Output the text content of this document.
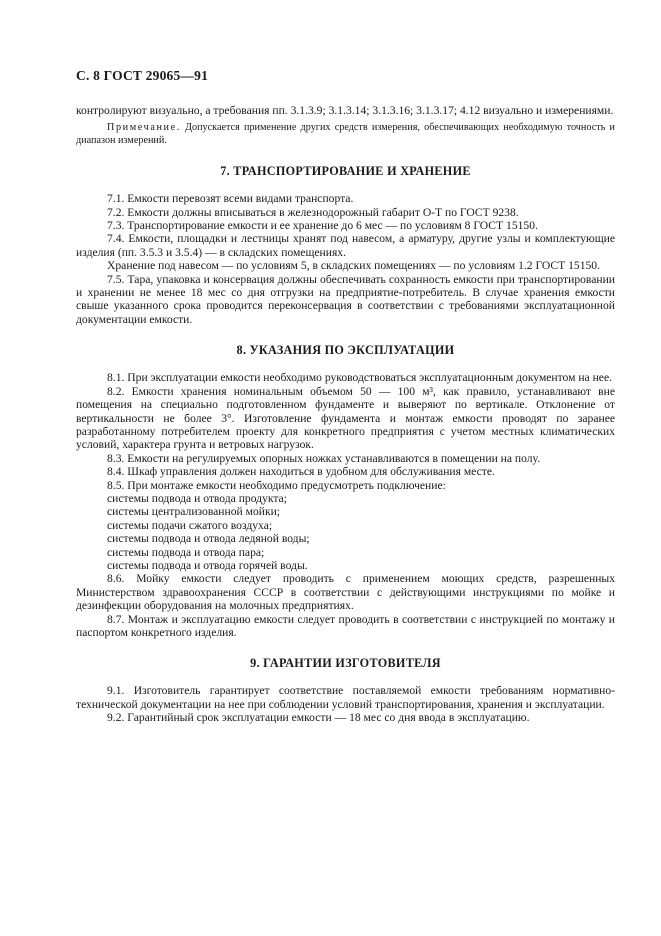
С. 8 ГОСТ 29065—91

контролируют визуально, а требования пп. 3.1.3.9; 3.1.3.14; 3.1.3.16; 3.1.3.17; 4.12 визуально и измерениями.

Примечание. Допускается применение других средств измерения, обеспечивающих необходимую точность и диапазон измерений.

7. ТРАНСПОРТИРОВАНИЕ И ХРАНЕНИЕ

7.1. Емкости перевозят всеми видами транспорта.

7.2. Емкости должны вписываться в железнодорожный габарит О-Т по ГОСТ 9238.

7.3. Транспортирование емкости и ее хранение до 6 мес — по условиям 8 ГОСТ 15150.

7.4. Емкости, площадки и лестницы хранят под навесом, а арматуру, другие узлы и комплектующие изделия (пп. 3.5.3 и 3.5.4) — в складских помещениях.

Хранение под навесом — по условиям 5, в складских помещениях — по условиям 1.2 ГОСТ 15150.

7.5. Тара, упаковка и консервация должны обеспечивать сохранность емкости при транспортировании и хранении не менее 18 мес со дня отгрузки на предприятие-потребитель. В случае хранения емкости свыше указанного срока проводится переконсервация в соответствии с требованиями эксплуатационной документации емкости.

8. УКАЗАНИЯ ПО ЭКСПЛУАТАЦИИ

8.1. При эксплуатации емкости необходимо руководствоваться эксплуатационным документом на нее.

8.2. Емкости хранения номинальным объемом 50 — 100 м³, как правило, устанавливают вне помещения на специально подготовленном фундаменте и выверяют по вертикале. Отклонение от вертикальности не более 3°. Изготовление фундамента и монтаж емкости проводят по заранее разработанному потребителем проекту для конкретного предприятия с учетом местных климатических условий, характера грунта и ветровых нагрузок.

8.3. Емкости на регулируемых опорных ножках устанавливаются в помещении на полу.

8.4. Шкаф управления должен находиться в удобном для обслуживания месте.

8.5. При монтаже емкости необходимо предусмотреть подключение:

системы подвода и отвода продукта;

системы централизованной мойки;

системы подачи сжатого воздуха;

системы подвода и отвода ледяной воды;

системы подвода и отвода пара;

системы подвода и отвода горячей воды.

8.6. Мойку емкости следует проводить с применением моющих средств, разрешенных Министерством здравоохранения СССР в соответствии с действующими инструкциями по мойке и дезинфекции оборудования на молочных предприятиях.

8.7. Монтаж и эксплуатацию емкости следует проводить в соответствии с инструкцией по монтажу и паспортом конкретного изделия.

9. ГАРАНТИИ ИЗГОТОВИТЕЛЯ

9.1. Изготовитель гарантирует соответствие поставляемой емкости требованиям нормативно-технической документации на нее при соблюдении условий транспортирования, хранения и эксплуатации.

9.2. Гарантийный срок эксплуатации емкости — 18 мес со дня ввода в эксплуатацию.
